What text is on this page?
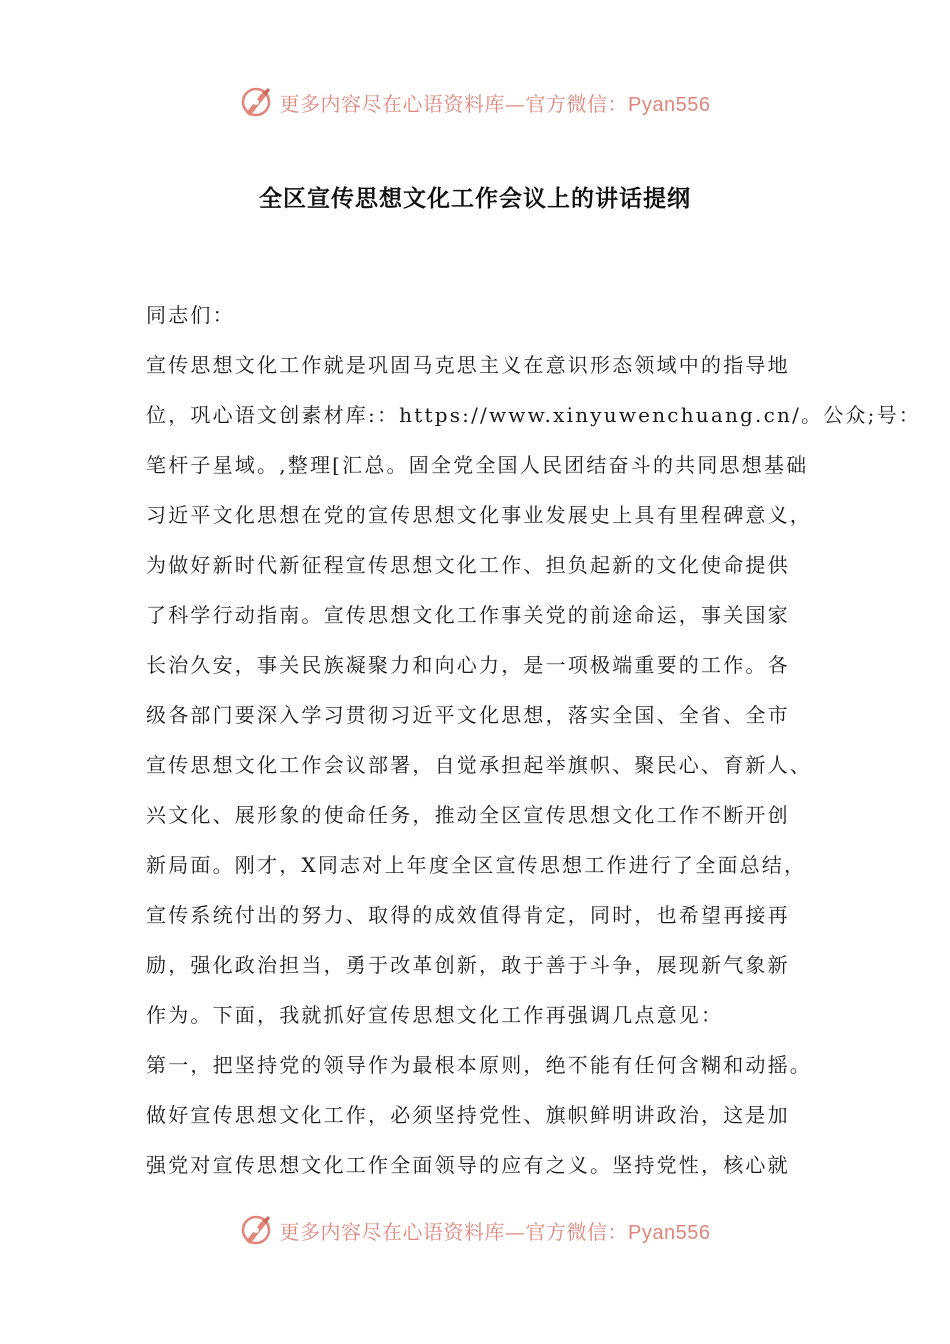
更多内容尽在心语资料库—官方微信：Pyan556
全区宣传思想文化工作会议上的讲话提纲
同志们：
宣传思想文化工作就是巩固马克思主义在意识形态领域中的指导地
位，巩心语文创素材库:：https://www.xinyuwenchuang.cn/。公众;号：
笔杆子星域。,整理[汇总。固全党全国人民团结奋斗的共同思想基础
习近平文化思想在党的宣传思想文化事业发展史上具有里程碑意义，
为做好新时代新征程宣传思想文化工作、担负起新的文化使命提供
了科学行动指南。宣传思想文化工作事关党的前途命运，事关国家
长治久安，事关民族凝聚力和向心力，是一项极端重要的工作。各
级各部门要深入学习贯彻习近平文化思想，落实全国、全省、全市
宣传思想文化工作会议部署，自觉承担起举旗帜、聚民心、育新人、
兴文化、展形象的使命任务，推动全区宣传思想文化工作不断开创
新局面。刚才，X同志对上年度全区宣传思想工作进行了全面总结，
宣传系统付出的努力、取得的成效值得肯定，同时，也希望再接再
励，强化政治担当，勇于改革创新，敢于善于斗争，展现新气象新
作为。下面，我就抓好宣传思想文化工作再强调几点意见：
第一，把坚持党的领导作为最根本原则，绝不能有任何含糊和动摇。
做好宣传思想文化工作，必须坚持党性、旗帜鲜明讲政治，这是加
强党对宣传思想文化工作全面领导的应有之义。坚持党性，核心就
更多内容尽在心语资料库—官方微信：Pyan556
